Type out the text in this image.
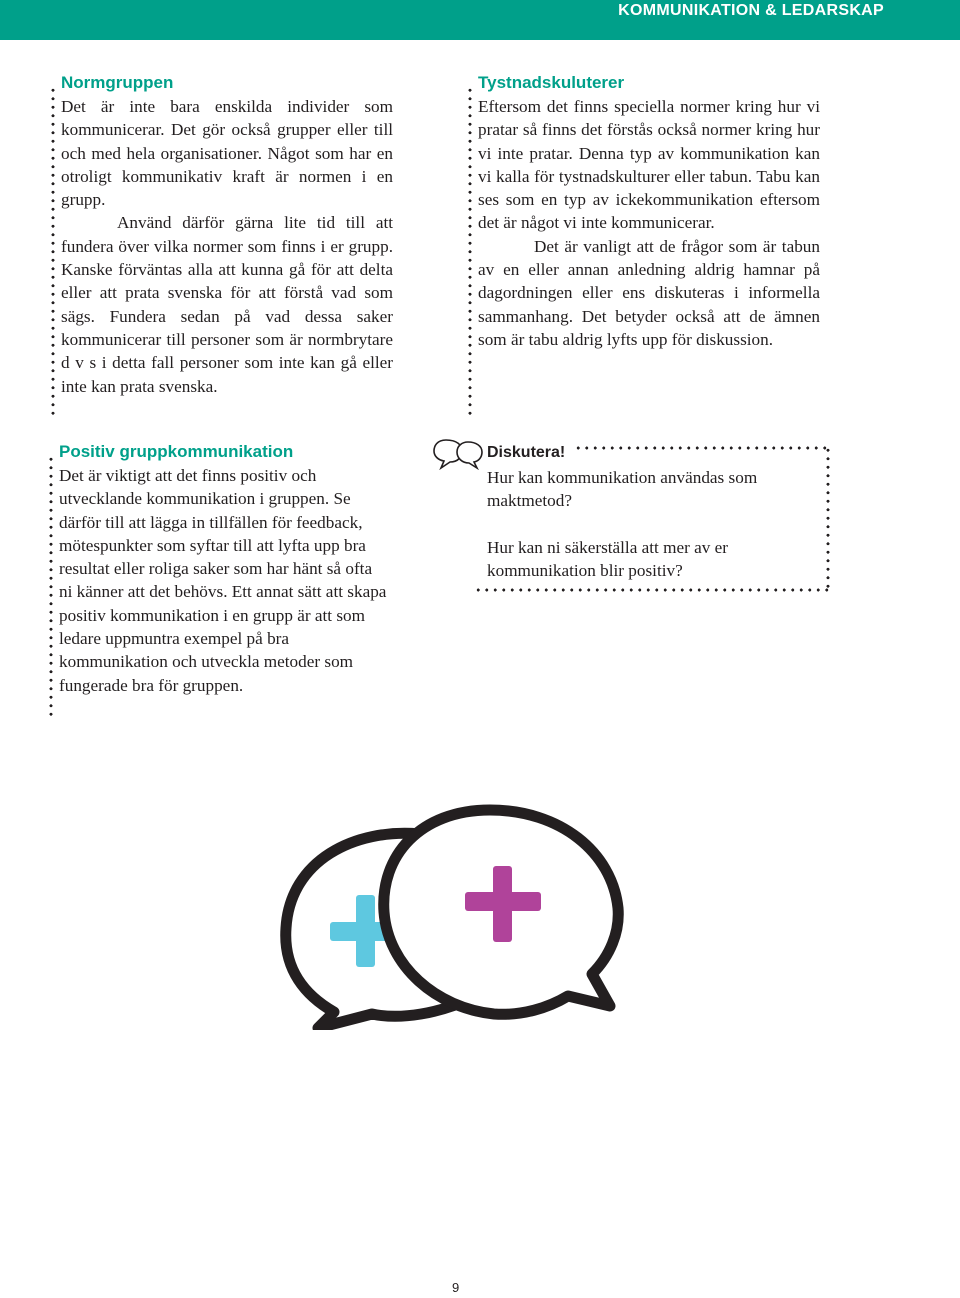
KOMMUNIKATION & LEDARSKAP
Normgruppen

Det är inte bara enskilda individer som kommunicerar. Det gör också grupper eller till och med hela organisationer. Något som har en otroligt kommunikativ kraft är normen i en grupp.

Använd därför gärna lite tid till att fundera över vilka normer som finns i er grupp. Kanske förväntas alla att kunna gå för att delta eller att prata svenska för att förstå vad som sägs. Fundera sedan på vad dessa saker kommunicerar till personer som är normbrytare d v s i detta fall personer som inte kan gå eller inte kan prata svenska.

Tystnadskuluterer

Eftersom det finns speciella normer kring hur vi pratar så finns det förstås också normer kring hur vi inte pratar. Denna typ av kommunikation kan vi kalla för tystnadskulturer eller tabun. Tabu kan ses som en typ av ickekommunikation eftersom det är något vi inte kommunicerar.

Det är vanligt att de frågor som är tabun av en eller annan anledning aldrig hamnar på dagordningen eller ens diskuteras i informella sammanhang. Det betyder också att de ämnen som är tabu aldrig lyfts upp för diskussion.

Positiv gruppkommunikation

Det är viktigt att det finns positiv och utvecklande kommunikation i gruppen. Se därför till att lägga in tillfällen för feedback, mötespunkter som syftar till att lyfta upp bra resultat eller roliga saker som har hänt så ofta ni känner att det behövs. Ett annat sätt att skapa positiv kommunikation i en grupp är att som ledare uppmuntra exempel på bra kommunikation och utveckla metoder som fungerade bra för gruppen.

Diskutera!

Hur kan kommunikation användas som maktmetod?

Hur kan ni säkerställa att mer av er kommunikation blir positiv?

9
